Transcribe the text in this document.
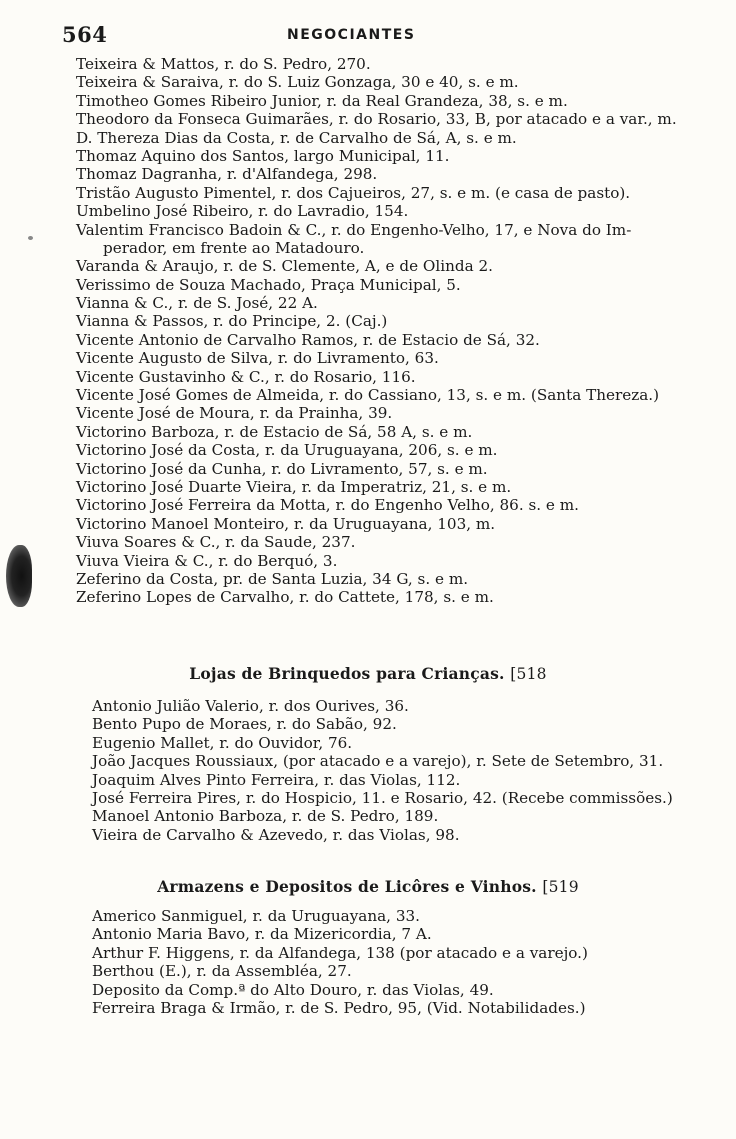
564	NEGOCIANTES
Teixeira & Mattos, r. do S. Pedro, 270.
Teixeira & Saraiva, r. do S. Luiz Gonzaga, 30 e 40, s. e m.
Timotheo Gomes Ribeiro Junior, r. da Real Grandeza, 38, s. e m.
Theodoro da Fonseca Guimarães, r. do Rosario, 33, B, por atacado e a var., m.
D. Thereza Dias da Costa, r. de Carvalho de Sá, A, s. e m.
Thomaz Aquino dos Santos, largo Municipal, 11.
Thomaz Dagranha, r. d'Alfandega, 298.
Tristão Augusto Pimentel, r. dos Cajueiros, 27, s. e m. (e casa de pasto).
Umbelino José Ribeiro, r. do Lavradio, 154.
Valentim Francisco Badoin & C., r. do Engenho-Velho, 17, e Nova do Im-
perador, em frente ao Matadouro.
Varanda & Araujo, r. de S. Clemente, A, e de Olinda 2.
Verissimo de Souza Machado, Praça Municipal, 5.
Vianna & C., r. de S. José, 22 A.
Vianna & Passos, r. do Principe, 2. (Caj.)
Vicente Antonio de Carvalho Ramos, r. de Estacio de Sá, 32.
Vicente Augusto de Silva, r. do Livramento, 63.
Vicente Gustavinho & C., r. do Rosario, 116.
Vicente José Gomes de Almeida, r. do Cassiano, 13, s. e m. (Santa Thereza.)
Vicente José de Moura, r. da Prainha, 39.
Victorino Barboza, r. de Estacio de Sá, 58 A, s. e m.
Victorino José da Costa, r. da Uruguayana, 206, s. e m.
Victorino José da Cunha, r. do Livramento, 57, s. e m.
Victorino José Duarte Vieira, r. da Imperatriz, 21, s. e m.
Victorino José Ferreira da Motta, r. do Engenho Velho, 86. s. e m.
Victorino Manoel Monteiro, r. da Uruguayana, 103, m.
Viuva Soares & C., r. da Saude, 237.
Viuva Vieira & C., r. do Berquó, 3.
Zeferino da Costa, pr. de Santa Luzia, 34 G, s. e m.
Zeferino Lopes de Carvalho, r. do Cattete, 178, s. e m.
Lojas de Brinquedos para Crianças. [518
Antonio Julião Valerio, r. dos Ourives, 36.
Bento Pupo de Moraes, r. do Sabão, 92.
Eugenio Mallet, r. do Ouvidor, 76.
João Jacques Roussiaux, (por atacado e a varejo), r. Sete de Setembro, 31.
Joaquim Alves Pinto Ferreira, r. das Violas, 112.
José Ferreira Pires, r. do Hospicio, 11. e Rosario, 42. (Recebe commissões.)
Manoel Antonio Barboza, r. de S. Pedro, 189.
Vieira de Carvalho & Azevedo, r. das Violas, 98.
Armazens e Depositos de Licôres e Vinhos. [519
Americo Sanmiguel, r. da Uruguayana, 33.
Antonio Maria Bavo, r. da Mizericordia, 7 A.
Arthur F. Higgens, r. da Alfandega, 138 (por atacado e a varejo.)
Berthou (E.), r. da Assembléa, 27.
Deposito da Comp.ª do Alto Douro, r. das Violas, 49.
Ferreira Braga & Irmão, r. de S. Pedro, 95, (Vid. Notabilidades.)
